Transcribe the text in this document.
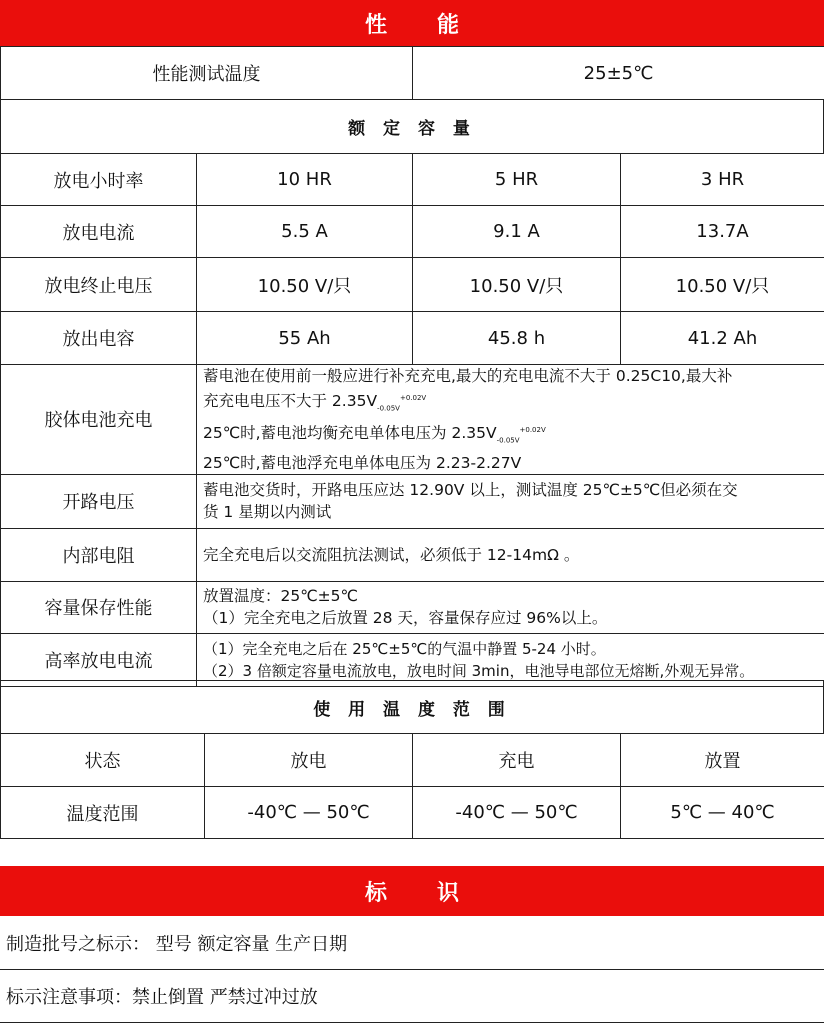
性 能
性能测试温度	25±5℃
额 定 容 量
放电小时率	10 HR	5 HR	3 HR
放电电流	5.5 A	9.1 A	13.7A
放电终止电压	10.50 V/只	10.50 V/只	10.50 V/只
放出电容	55 Ah	45.8 h	41.2 Ah
胶体电池充电	蓄电池在使用前一般应进行补充充电,最大的充电电流不大于 0.25C10,最大补
充充电电压不大于 $2.35V_{-0.05V}^{+0.02V}$
25℃时,蓄电池均衡充电单体电压为 $2.35V_{-0.05V}^{+0.02V}$
25℃时,蓄电池浮充电单体电压为 2.23-2.27V		

开路电压	蓄电池交货时，开路电压应达 12.90V 以上，测试温度 25℃±5℃但必须在交
货 1 星期以内测试		

内部电阻	完全充电后以交流阻抗法测试，必须低于 12-14mΩ 。		
容量保存性能	放置温度：25℃±5℃
（1）完全充电之后放置 28 天，容量保存应过 96%以上。		

高率放电电流	（1）完全充电之后在 25℃±5℃的气温中静置 5-24 小时。
（2）3 倍额定容量电流放电，放电时间 3min，电池导电部位无熔断,外观无异常。		
使 用 温 度 范 围
状态	放电	充电	放置
温度范围	-40℃ — 50℃	-40℃ — 50℃	5℃ — 40℃
标 识
制造批号之标示： 型号 额定容量 生产日期
标示注意事项：禁止倒置 严禁过冲过放
